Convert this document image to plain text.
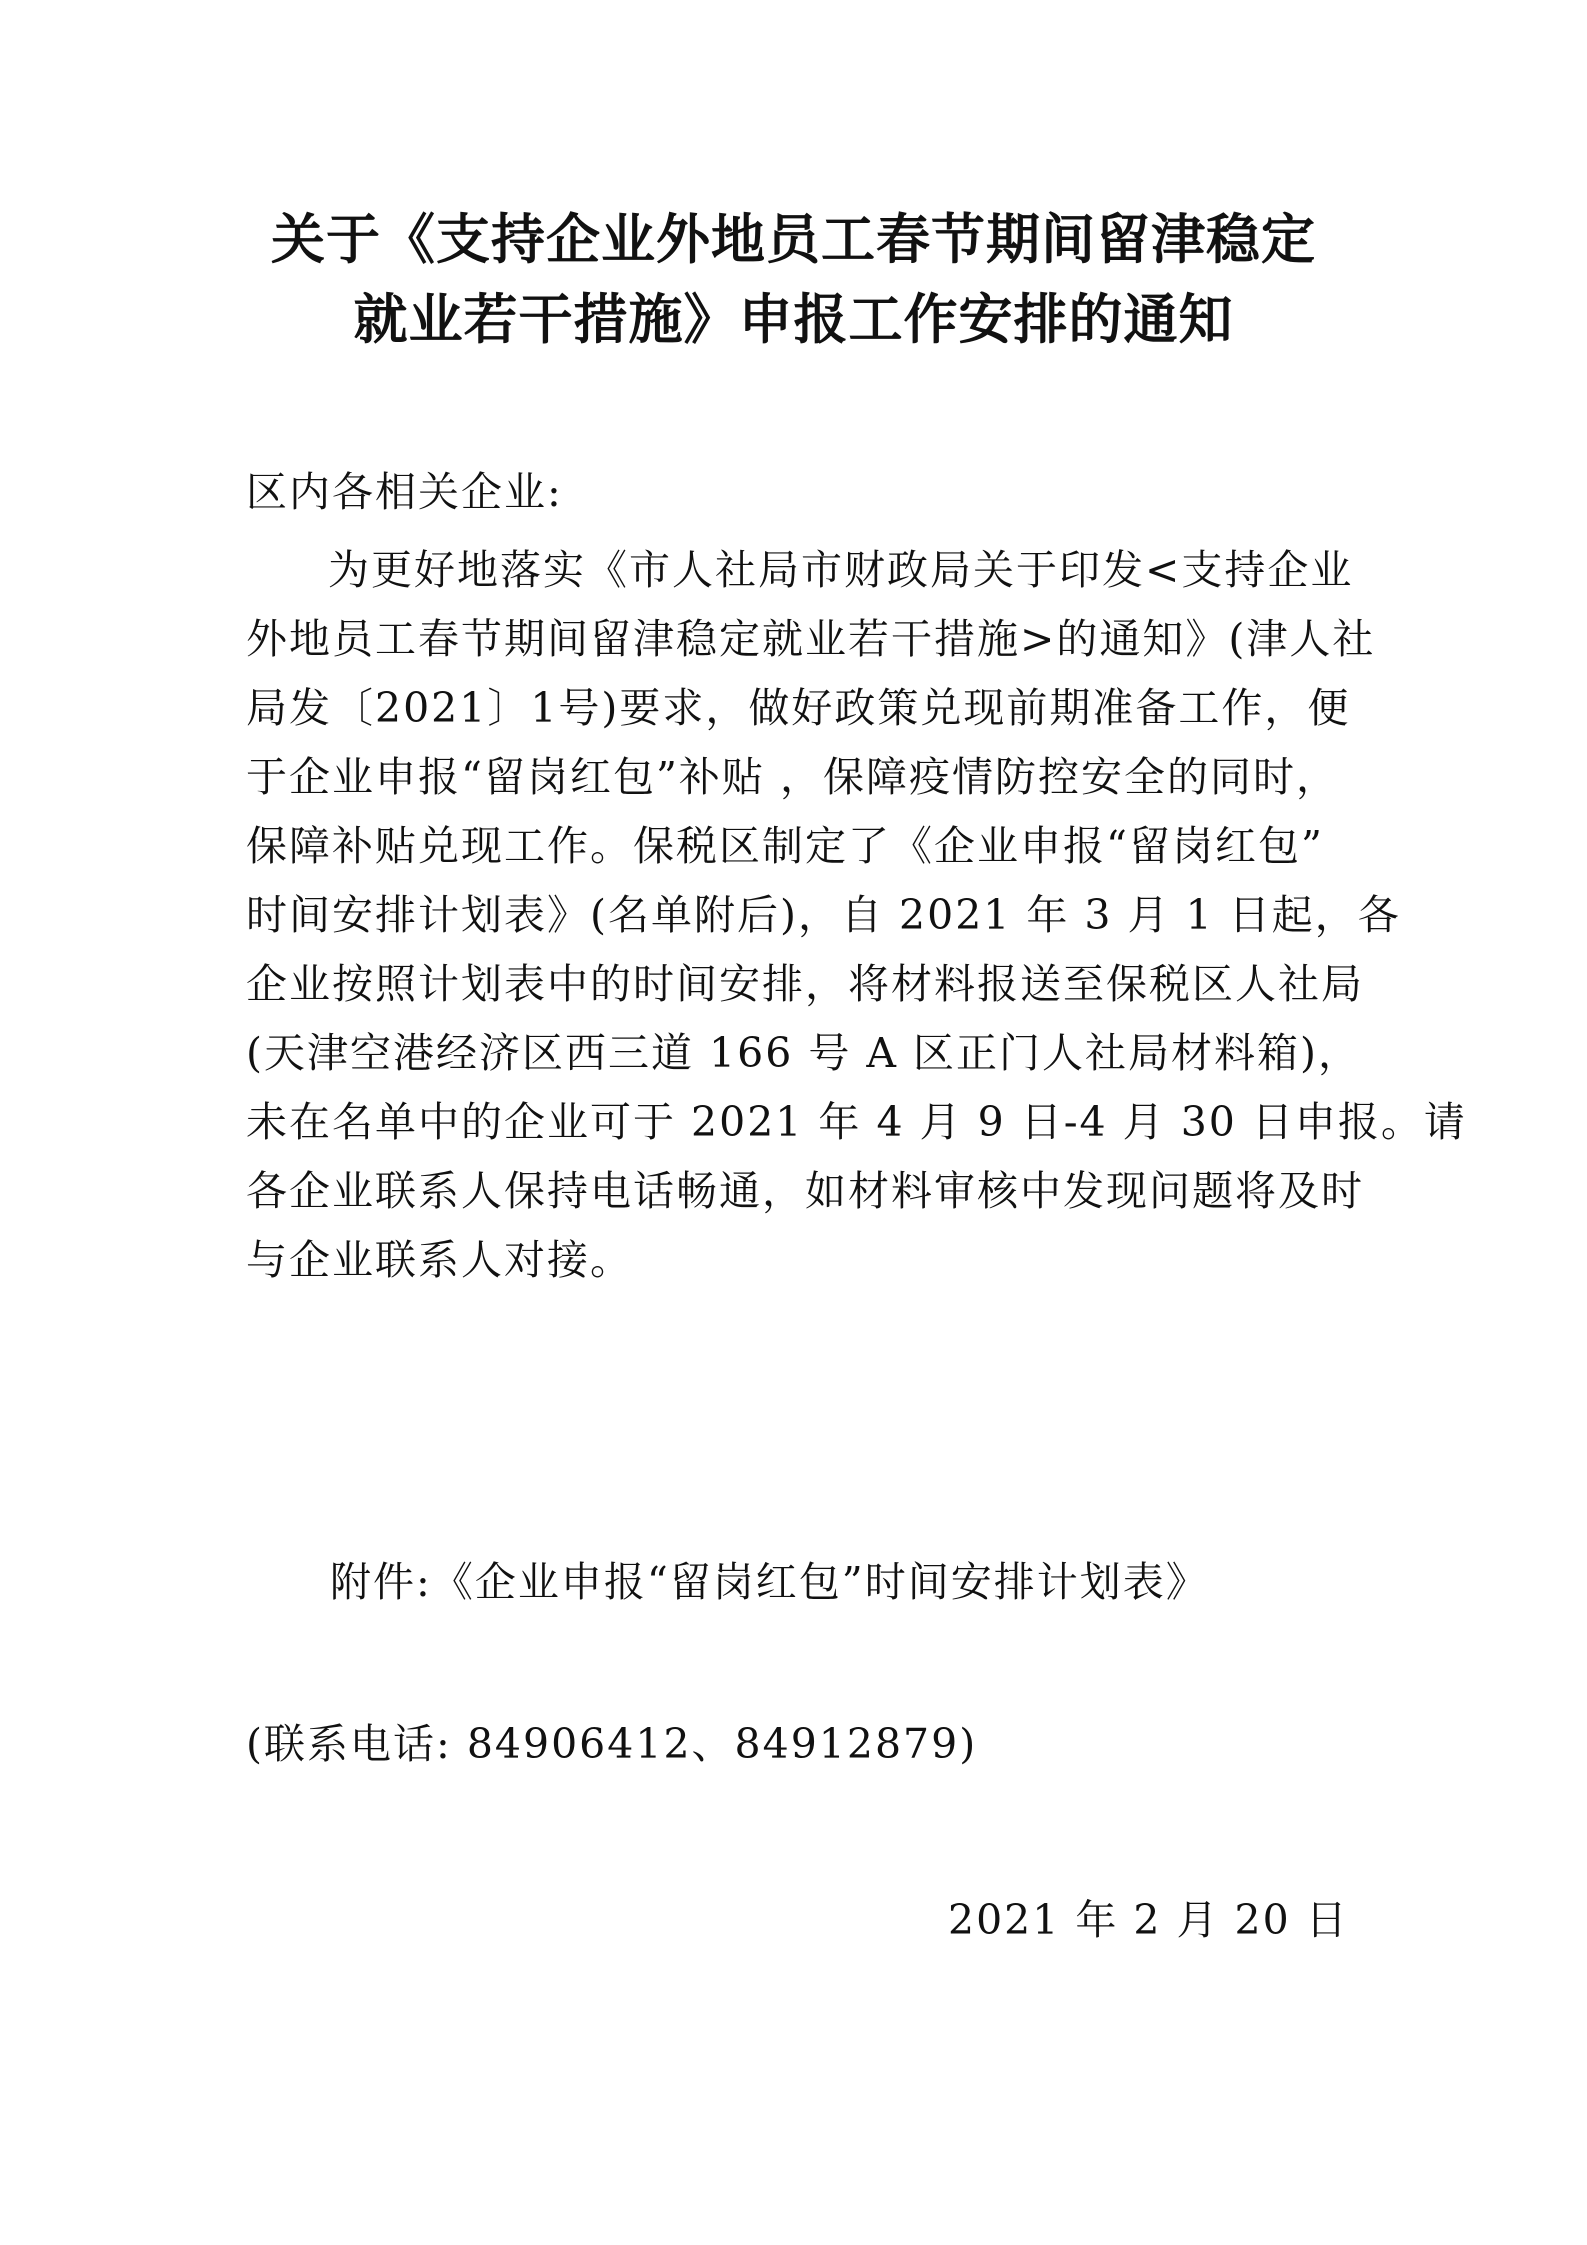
关于《支持企业外地员工春节期间留津稳定
就业若干措施》申报工作安排的通知
区内各相关企业:
为更好地落实《市人社局市财政局关于印发<支持企业
外地员工春节期间留津稳定就业若干措施>的通知》(津人社
局发〔2021〕1号)要求，做好政策兑现前期准备工作，便
于企业申报“留岗红包”补贴 ，保障疫情防控安全的同时，
保障补贴兑现工作。保税区制定了《企业申报“留岗红包”
时间安排计划表》(名单附后)，自 2021 年 3 月 1 日起，各
企业按照计划表中的时间安排，将材料报送至保税区人社局
(天津空港经济区西三道 166 号 A 区正门人社局材料箱)，
未在名单中的企业可于 2021 年 4 月 9 日-4 月 30 日申报。请
各企业联系人保持电话畅通，如材料审核中发现问题将及时
与企业联系人对接。
附件:《企业申报“留岗红包”时间安排计划表》
(联系电话: 84906412、84912879)
2021 年 2 月 20 日
